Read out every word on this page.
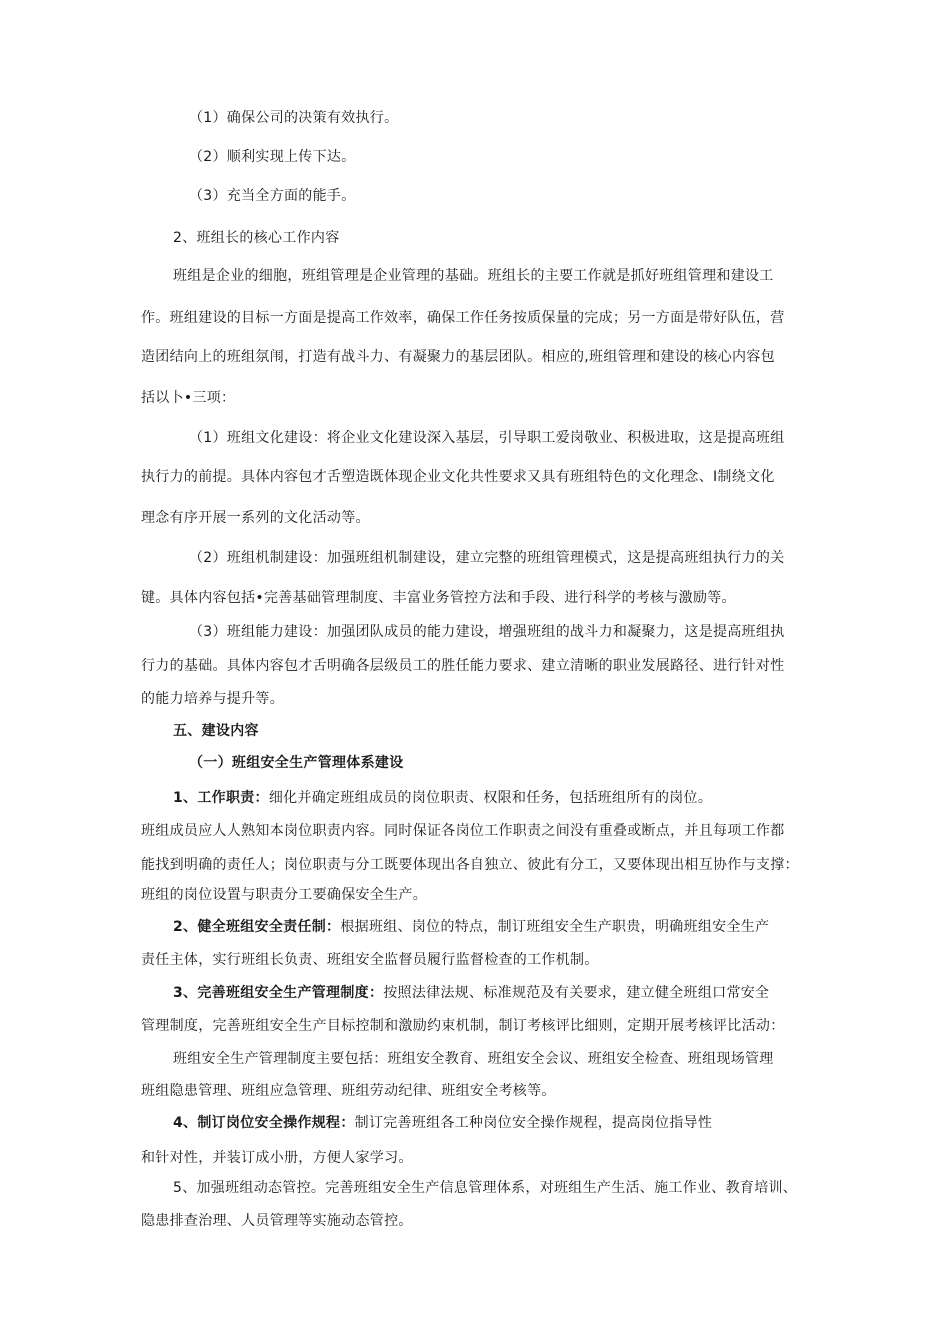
（1）确保公司的决策有效执行。

（2）顺利实现上传下达。

（3）充当全方面的能手。

2、班组长的核心工作内容

班组是企业的细胞，班组管理是企业管理的基础。班组长的主要工作就是抓好班组管理和建设工

作。班组建设的目标一方面是提高工作效率，确保工作任务按质保量的完成；另一方面是带好队伍，营

造团结向上的班组氛闱，打造有战斗力、有凝聚力的基层团队。相应的,班组管理和建设的核心内容包

括以卜•三项：

（1）班组文化建设：将企业文化建设深入基层，引导职工爱岗敬业、积极进取，这是提高班组

执行力的前提。具体内容包才舌塑造既体现企业文化共性要求又具有班组特色的文化理念、I制绕文化

理念有序开展一系列的文化活动等。

（2）班组机制建设：加强班组机制建设，建立完整的班组管理模式，这是提高班组执行力的关

键。具体内容包括•完善基础管理制度、丰富业务管控方法和手段、进行科学的考核与激励等。

（3）班组能力建设：加强团队成员的能力建设，增强班组的战斗力和凝聚力，这是提高班组执

行力的基础。具体内容包才舌明确各层级员工的胜任能力要求、建立清晰的职业发展路径、进行针对性

的能力培养与提升等。

五、建设内容

（一）班组安全生产管理体系建设

1、工作职责：细化并确定班组成员的岗位职责、权限和任务，包括班组所有的岗位。

班组成员应人人熟知本岗位职责内容。同时保证各岗位工作职责之间没有重叠或断点，并且每项工作都

能找到明确的责任人；岗位职责与分工既要体现出各自独立、彼此有分工，又要体现出相互协作与支撑：

班组的岗位设置与职责分工要确保安全生产。

2、健全班组安全责任制：根据班组、岗位的特点，制订班组安全生产职贵，明确班组安全生产

责任主体，实行班组长负责、班组安全监督员履行监督检查的工作机制。

3、完善班组安全生产管理制度：按照法律法规、标准规范及有关要求，建立健全班组口常安全

管理制度，完善班组安全生产目标控制和激励约束机制，制订考核评比细则，定期开展考核评比活动：

班组安全生产管理制度主要包括：班组安全教育、班组安全会议、班组安全检查、班组现场管理

班组隐患管理、班组应急管理、班组劳动纪律、班组安全考核等。

4、制订岗位安全操作规程：制订完善班组各工种岗位安全操作规程，提高岗位指导性

和针对性，并装订成小册，方便人家学习。

5、加强班组动态管控。完善班组安全生产信息管理体系，对班组生产生活、施工作业、教育培训、

隐患排查治理、人员管理等实施动态管控。
